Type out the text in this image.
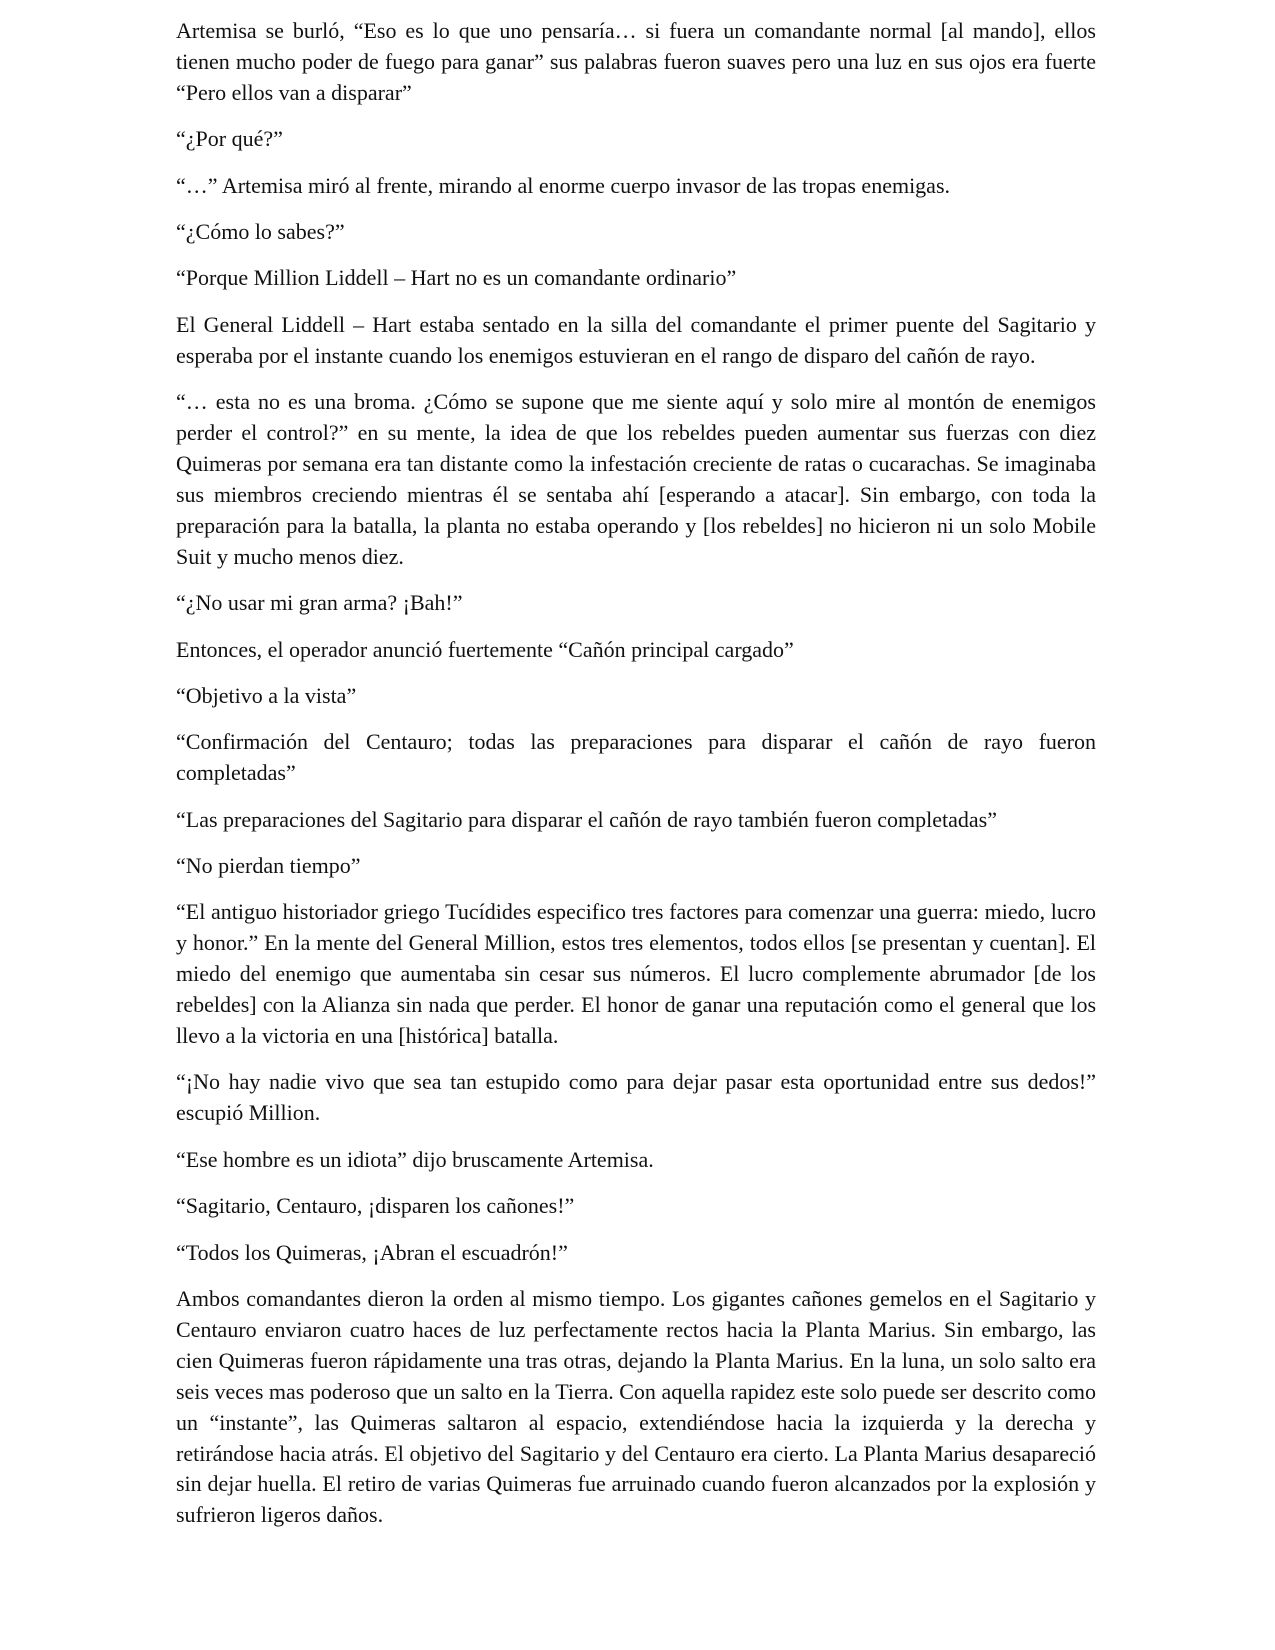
Artemisa se burló, “Eso es lo que uno pensaría… si fuera un comandante normal [al mando], ellos tienen mucho poder de fuego para ganar” sus palabras fueron suaves pero una luz en sus ojos era fuerte “Pero ellos van a disparar”

“¿Por qué?”

“…” Artemisa miró al frente, mirando al enorme cuerpo invasor de las tropas enemigas.

“¿Cómo lo sabes?”

“Porque Million Liddell – Hart no es un comandante ordinario”

El General Liddell – Hart estaba sentado en la silla del comandante el primer puente del Sagitario y esperaba por el instante cuando los enemigos estuvieran en el rango de disparo del cañón de rayo.

“… esta no es una broma. ¿Cómo se supone que me siente aquí y solo mire al montón de enemigos perder el control?” en su mente, la idea de que los rebeldes pueden aumentar sus fuerzas con diez Quimeras por semana era tan distante como la infestación creciente de ratas o cucarachas. Se imaginaba sus miembros creciendo mientras él se sentaba ahí [esperando a atacar]. Sin embargo, con toda la preparación para la batalla, la planta no estaba operando y [los rebeldes] no hicieron ni un solo Mobile Suit y mucho menos diez.

“¿No usar mi gran arma? ¡Bah!”

Entonces, el operador anunció fuertemente “Cañón principal cargado”

“Objetivo a la vista”

“Confirmación del Centauro; todas las preparaciones para disparar el cañón de rayo fueron completadas”

“Las preparaciones del Sagitario para disparar el cañón de rayo también fueron completadas”

“No pierdan tiempo”

“El antiguo historiador griego Tucídides especifico tres factores para comenzar una guerra: miedo, lucro y honor.” En la mente del General Million, estos tres elementos, todos ellos [se presentan y cuentan]. El miedo del enemigo que aumentaba sin cesar sus números. El lucro complemente abrumador [de los rebeldes] con la Alianza sin nada que perder. El honor de ganar una reputación como el general que los llevo a la victoria en una [histórica] batalla.

“¡No hay nadie vivo que sea tan estupido como para dejar pasar esta oportunidad entre sus dedos!” escupió Million.

“Ese hombre es un idiota” dijo bruscamente Artemisa.

“Sagitario, Centauro, ¡disparen los cañones!”

“Todos los Quimeras, ¡Abran el escuadrón!”

Ambos comandantes dieron la orden al mismo tiempo. Los gigantes cañones gemelos en el Sagitario y Centauro enviaron cuatro haces de luz perfectamente rectos hacia la Planta Marius. Sin embargo, las cien Quimeras fueron rápidamente una tras otras, dejando la Planta Marius. En la luna, un solo salto era seis veces mas poderoso que un salto en la Tierra. Con aquella rapidez este solo puede ser descrito como un “instante”, las Quimeras saltaron al espacio, extendiéndose hacia la izquierda y la derecha y retirándose hacia atrás. El objetivo del Sagitario y del Centauro era cierto. La Planta Marius desapareció sin dejar huella. El retiro de varias Quimeras fue arruinado cuando fueron alcanzados por la explosión y sufrieron ligeros daños.
